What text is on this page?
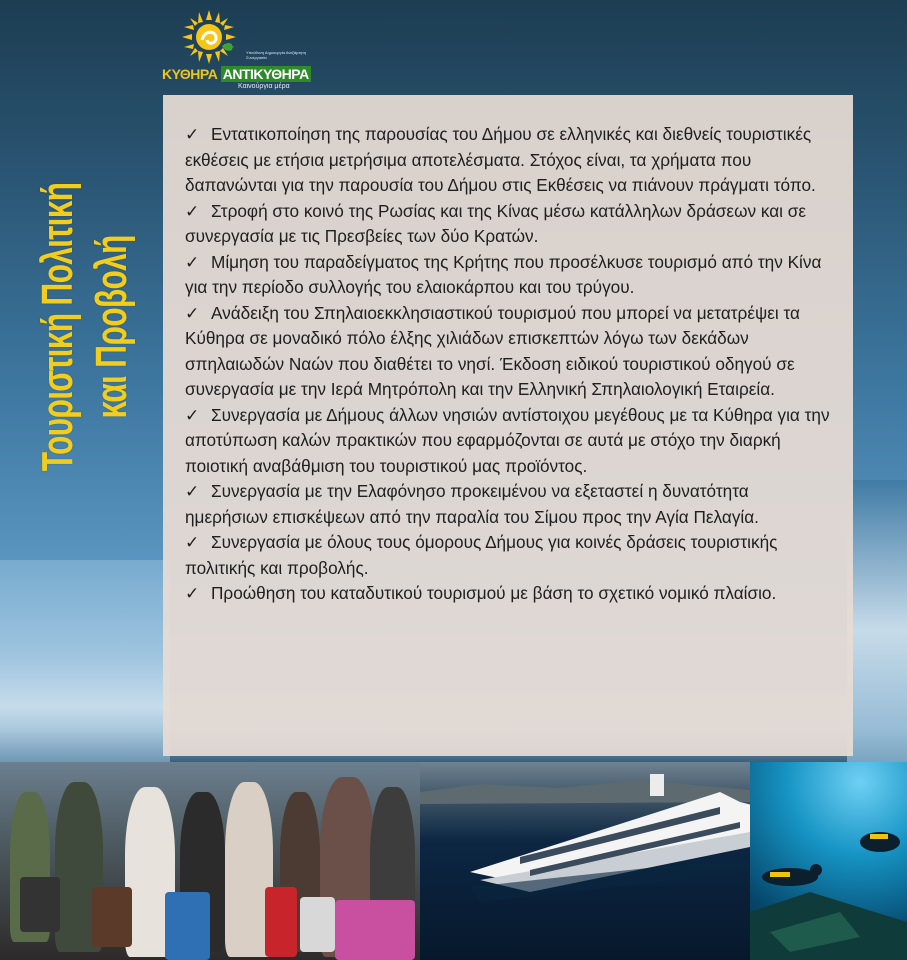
Υπεύθυνη Δημιουργία Ανεξάρτητη Συνεργασία
ΚΥΘΗΡΑ ΑΝΤΙΚΥΘΗΡΑ
Καινούργια μέρα
Τουριστική Πολιτική και Προβολή
✓ Εντατικοποίηση της παρουσίας του Δήμου σε ελληνικές και διεθνείς τουριστικές εκθέσεις με ετήσια μετρήσιμα αποτελέσματα. Στόχος είναι, τα χρήματα που δαπανώνται για την παρουσία του Δήμου στις Εκθέσεις να πιάνουν πράγματι τόπο.
✓ Στροφή στο κοινό της Ρωσίας και της Κίνας μέσω κατάλληλων δράσεων και σε συνεργασία με τις Πρεσβείες των δύο Κρατών.
✓ Μίμηση του παραδείγματος της Κρήτης που προσέλκυσε τουρισμό από την Κίνα για την περίοδο συλλογής του ελαιοκάρπου και του τρύγου.
✓ Ανάδειξη του Σπηλαιοεκκλησιαστικού τουρισμού που μπορεί να μετατρέψει τα Κύθηρα σε μοναδικό πόλο έλξης χιλιάδων επισκεπτών λόγω των δεκάδων σπηλαιωδών Ναών που διαθέτει το νησί. Έκδοση ειδικού τουριστικού οδηγού σε συνεργασία με την Ιερά Μητρόπολη και την Ελληνική Σπηλαιολογική Εταιρεία.
✓ Συνεργασία με Δήμους άλλων νησιών αντίστοιχου μεγέθους με τα Κύθηρα για την αποτύπωση καλών πρακτικών που εφαρμόζονται σε αυτά με στόχο την διαρκή ποιοτική αναβάθμιση του τουριστικού μας προϊόντος.
✓ Συνεργασία με την Ελαφόνησο προκειμένου να εξεταστεί η δυνατότητα ημερήσιων επισκέψεων από την παραλία του Σίμου προς την Αγία Πελαγία.
✓ Συνεργασία με όλους τους όμορους Δήμους για κοινές δράσεις τουριστικής πολιτικής και προβολής.
✓ Προώθηση του καταδυτικού τουρισμού με βάση το σχετικό νομικό πλαίσιο.
